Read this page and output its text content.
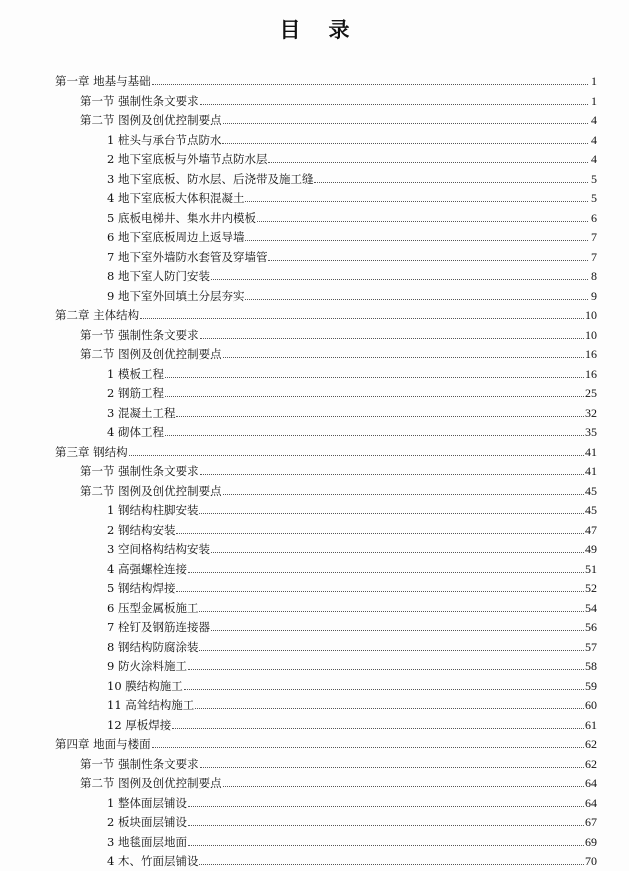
目 录
第一章 地基与基础	1
第一节 强制性条文要求	1
第二节 图例及创优控制要点	4
1 桩头与承台节点防水	4
2 地下室底板与外墙节点防水层	4
3 地下室底板、防水层、后浇带及施工缝	5
4 地下室底板大体积混凝土	5
5 底板电梯井、集水井内模板	6
6 地下室底板周边上返导墙	7
7 地下室外墙防水套管及穿墙管	7
8 地下室人防门安装	8
9 地下室外回填土分层夯实	9
第二章 主体结构	10
第一节 强制性条文要求	10
第二节 图例及创优控制要点	16
1 模板工程	16
2 钢筋工程	25
3 混凝土工程	32
4 砌体工程	35
第三章 钢结构	41
第一节 强制性条文要求	41
第二节 图例及创优控制要点	45
1 钢结构柱脚安装	45
2 钢结构安装	47
3 空间格构结构安装	49
4 高强螺栓连接	51
5 钢结构焊接	52
6 压型金属板施工	54
7 栓钉及钢筋连接器	56
8 钢结构防腐涂装	57
9 防火涂料施工	58
10 膜结构施工	59
11 高耸结构施工	60
12 厚板焊接	61
第四章 地面与楼面	62
第一节 强制性条文要求	62
第二节 图例及创优控制要点	64
1 整体面层铺设	64
2 板块面层铺设	67
3 地毯面层地面	69
4 木、竹面层铺设	70
